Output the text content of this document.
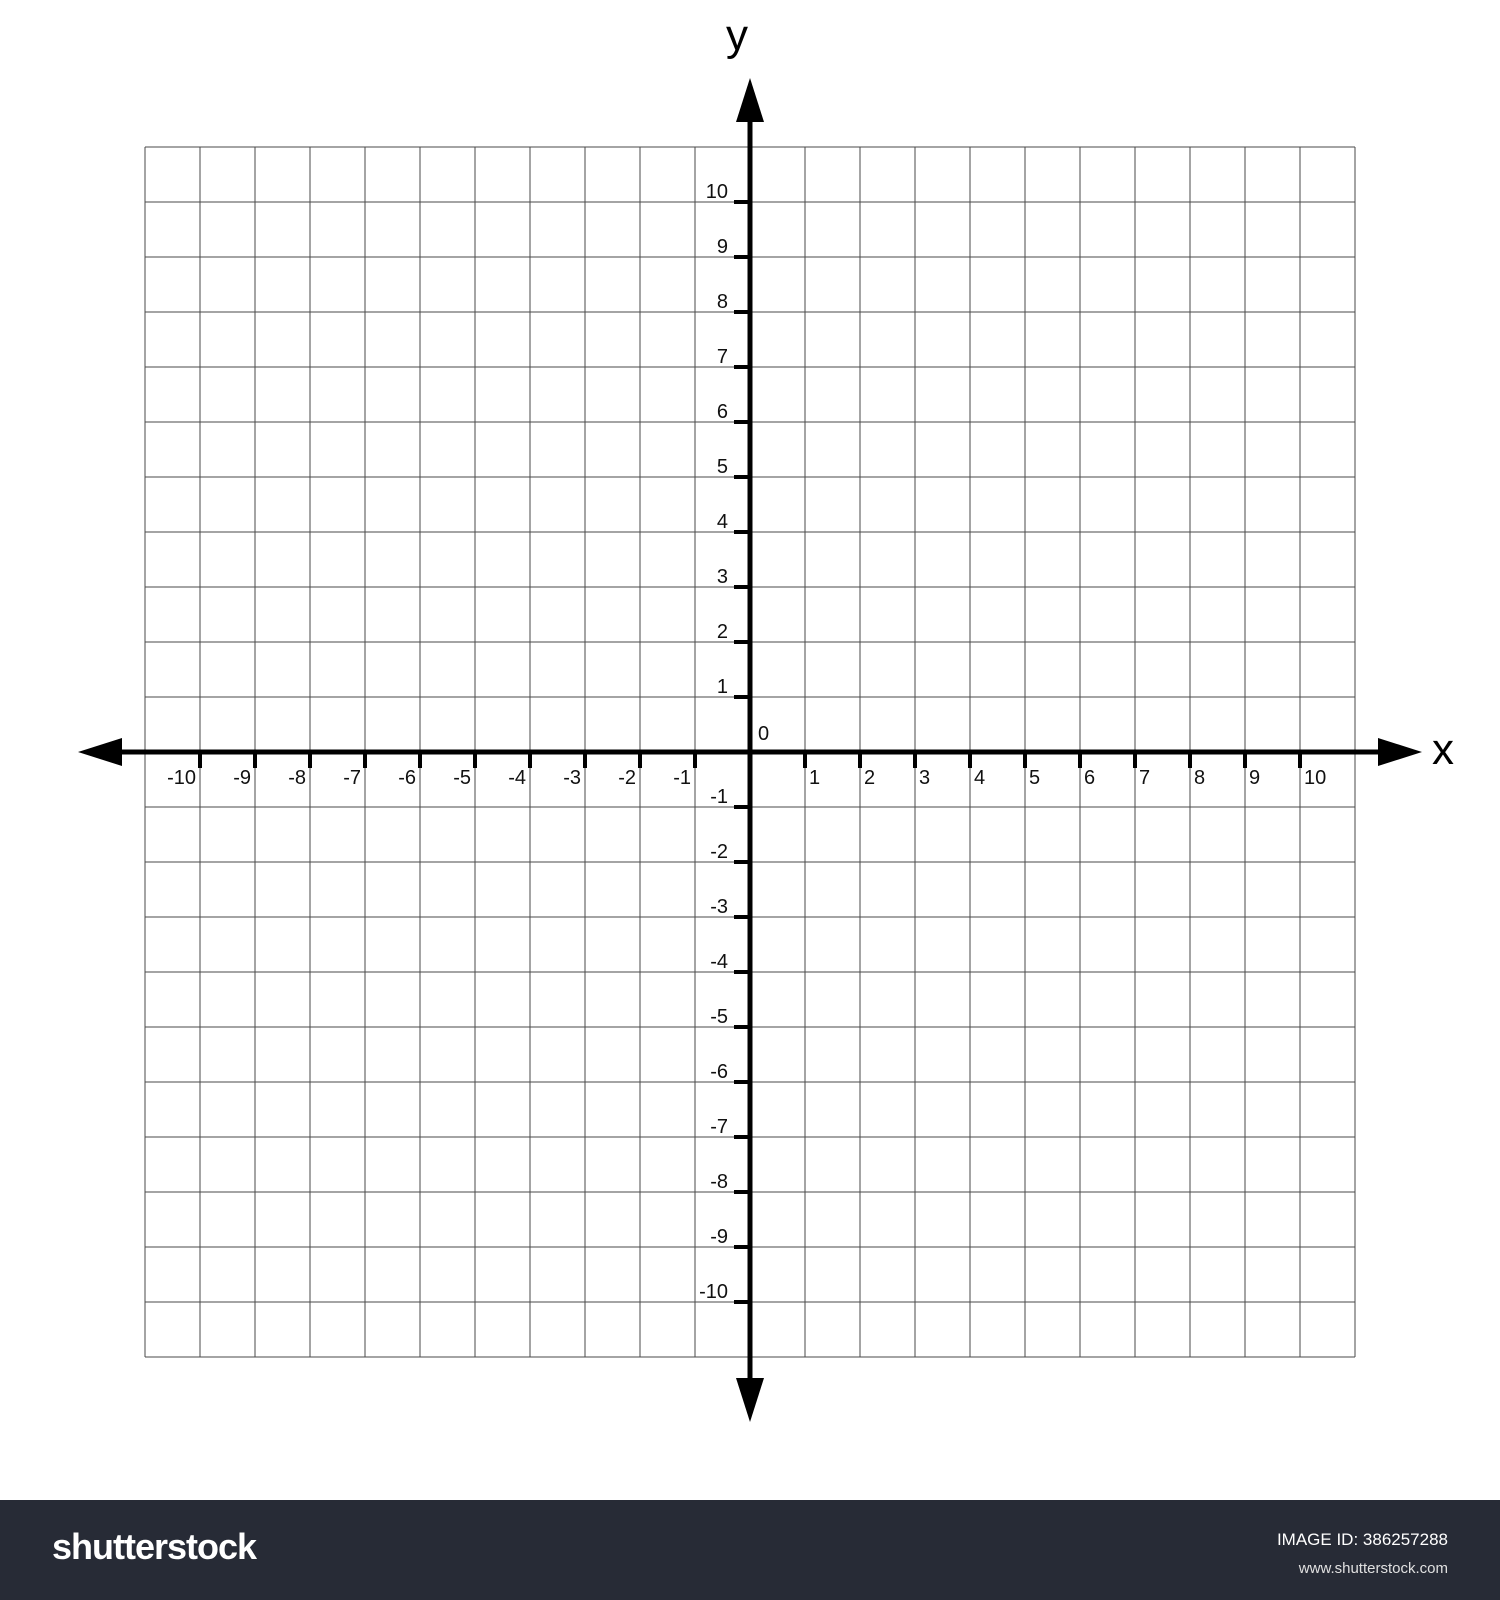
-10 -9 -8 -7 -6 -5 -4 -3 -2 -1	1 2 3 4 5 6 7 8 9 10
10
9
8
7
6
5
4
3
2
1
-1
-2
-3
-4
-5
-6
-7
-8
-9
-10
x
y
0
shutterstock	IMAGE ID: 386257288
www.shutterstock.com
